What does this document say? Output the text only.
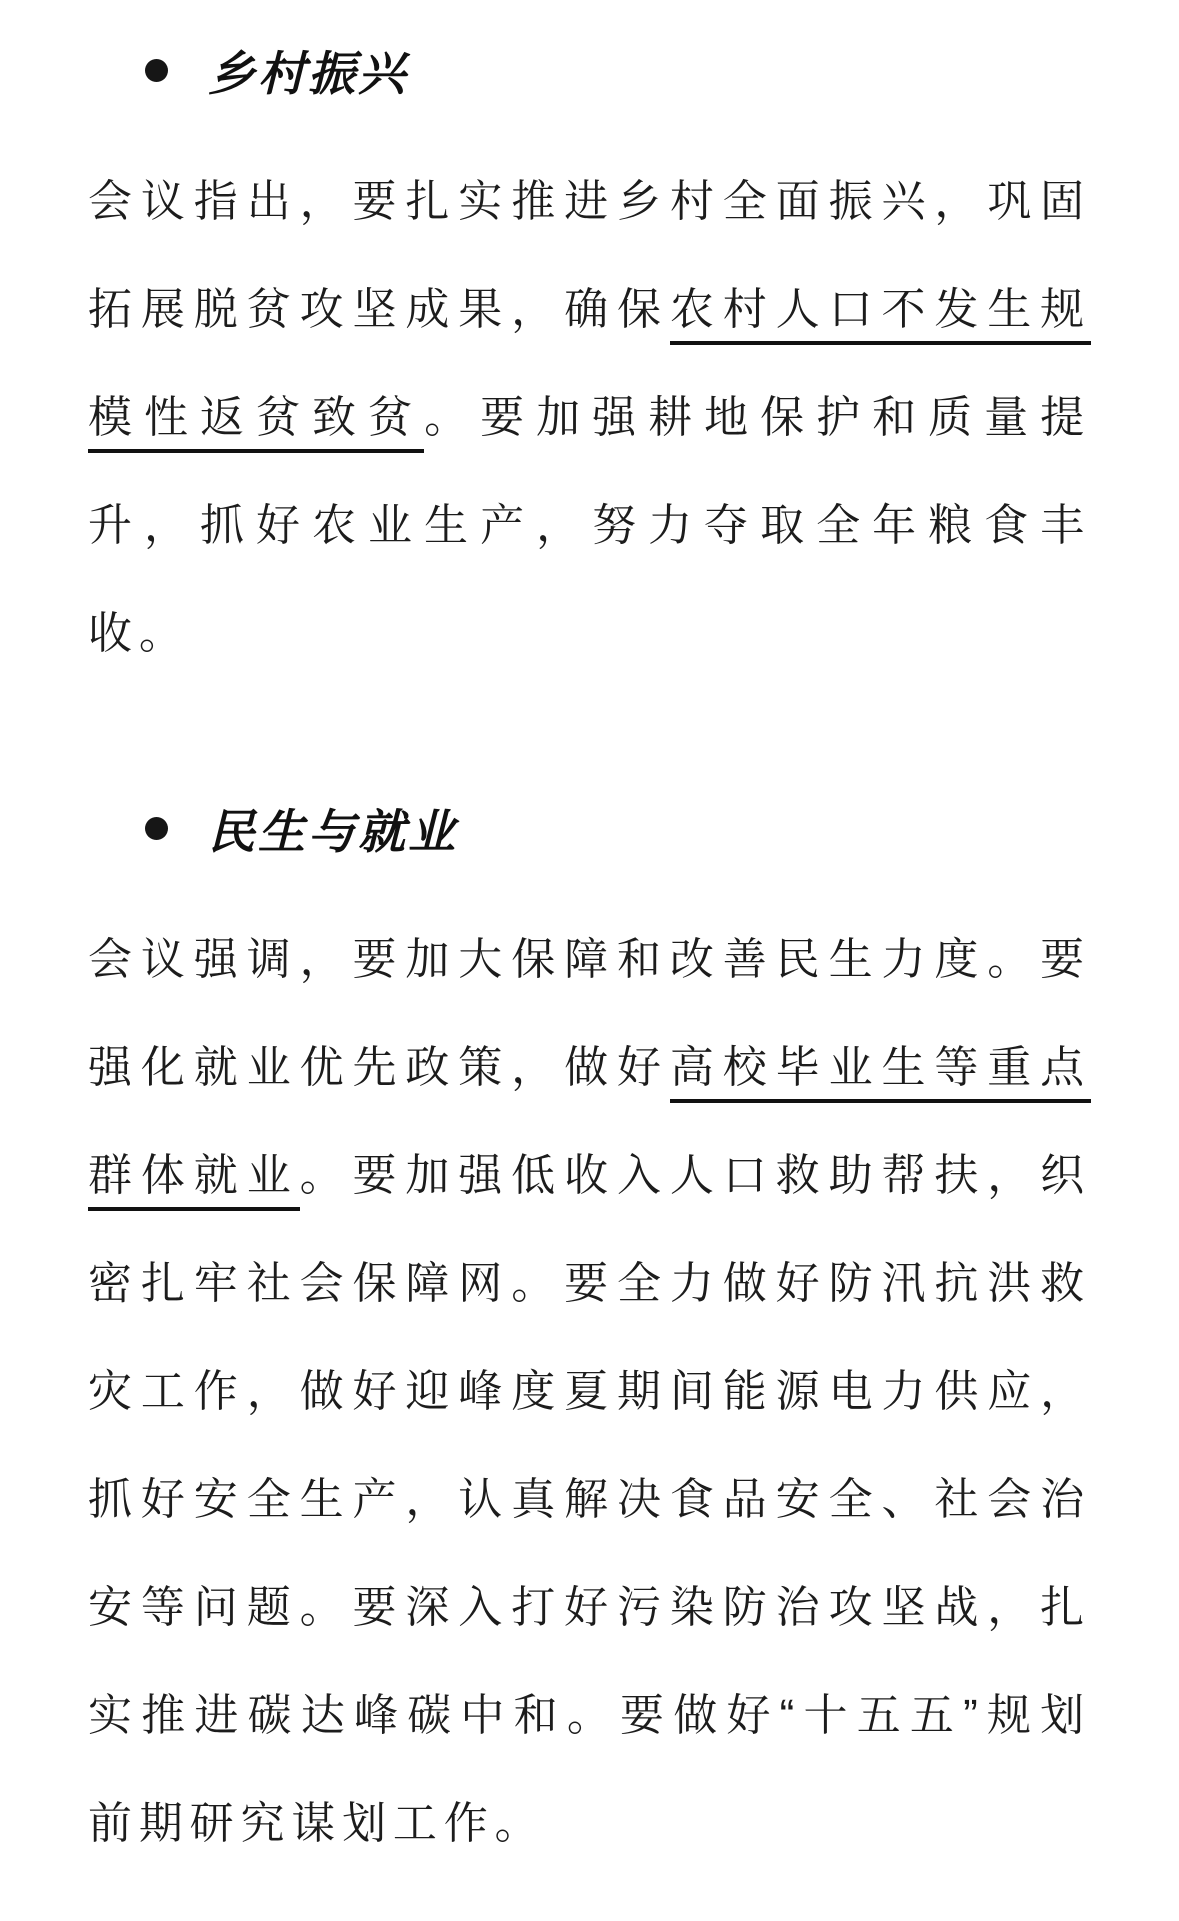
乡村振兴

会议指出，要扎实推进乡村全面振兴，巩固拓展脱贫攻坚成果，确保农村人口不发生规模性返贫致贫。要加强耕地保护和质量提升，抓好农业生产，努力夺取全年粮食丰收。

民生与就业

会议强调，要加大保障和改善民生力度。要强化就业优先政策，做好高校毕业生等重点群体就业。要加强低收入人口救助帮扶，织密扎牢社会保障网。要全力做好防汛抗洪救灾工作，做好迎峰度夏期间能源电力供应，抓好安全生产，认真解决食品安全、社会治安等问题。要深入打好污染防治攻坚战，扎实推进碳达峰碳中和。要做好“十五五”规划前期研究谋划工作。
